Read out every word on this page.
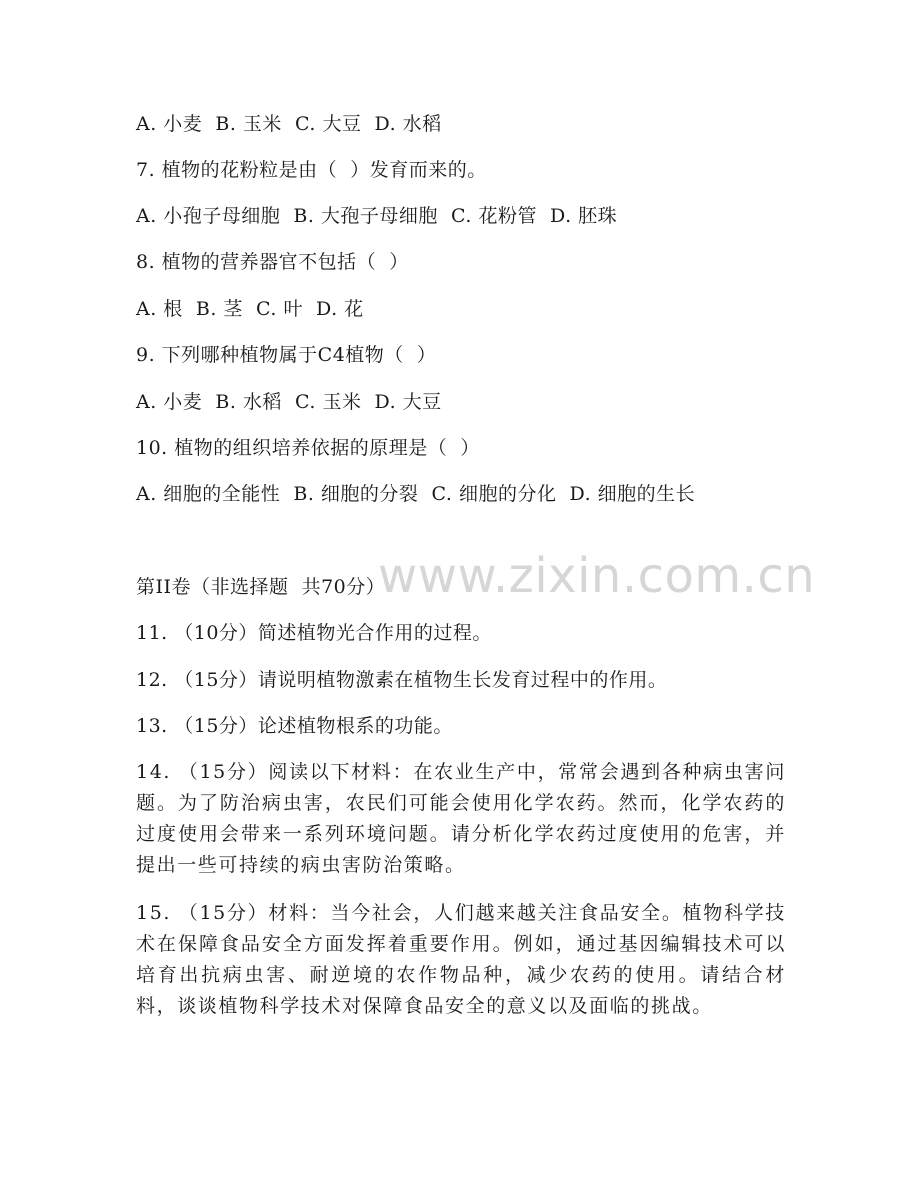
www.zixin.com.cn
A. 小麦  B. 玉米  C. 大豆  D. 水稻
7. 植物的花粉粒是由（  ）发育而来的。
A. 小孢子母细胞  B. 大孢子母细胞  C. 花粉管  D. 胚珠
8. 植物的营养器官不包括（  ）
A. 根  B. 茎  C. 叶  D. 花
9. 下列哪种植物属于C4植物（  ）
A. 小麦  B. 水稻  C. 玉米  D. 大豆
10. 植物的组织培养依据的原理是（  ）
A. 细胞的全能性  B. 细胞的分裂  C. 细胞的分化  D. 细胞的生长
第II卷（非选择题  共70分）
11. （10分）简述植物光合作用的过程。
12. （15分）请说明植物激素在植物生长发育过程中的作用。
13. （15分）论述植物根系的功能。
14. （15分）阅读以下材料：在农业生产中，常常会遇到各种病虫害问题。为了防治病虫害，农民们可能会使用化学农药。然而，化学农药的过度使用会带来一系列环境问题。请分析化学农药过度使用的危害，并提出一些可持续的病虫害防治策略。
15. （15分）材料：当今社会，人们越来越关注食品安全。植物科学技术在保障食品安全方面发挥着重要作用。例如，通过基因编辑技术可以培育出抗病虫害、耐逆境的农作物品种，减少农药的使用。请结合材料，谈谈植物科学技术对保障食品安全的意义以及面临的挑战。
